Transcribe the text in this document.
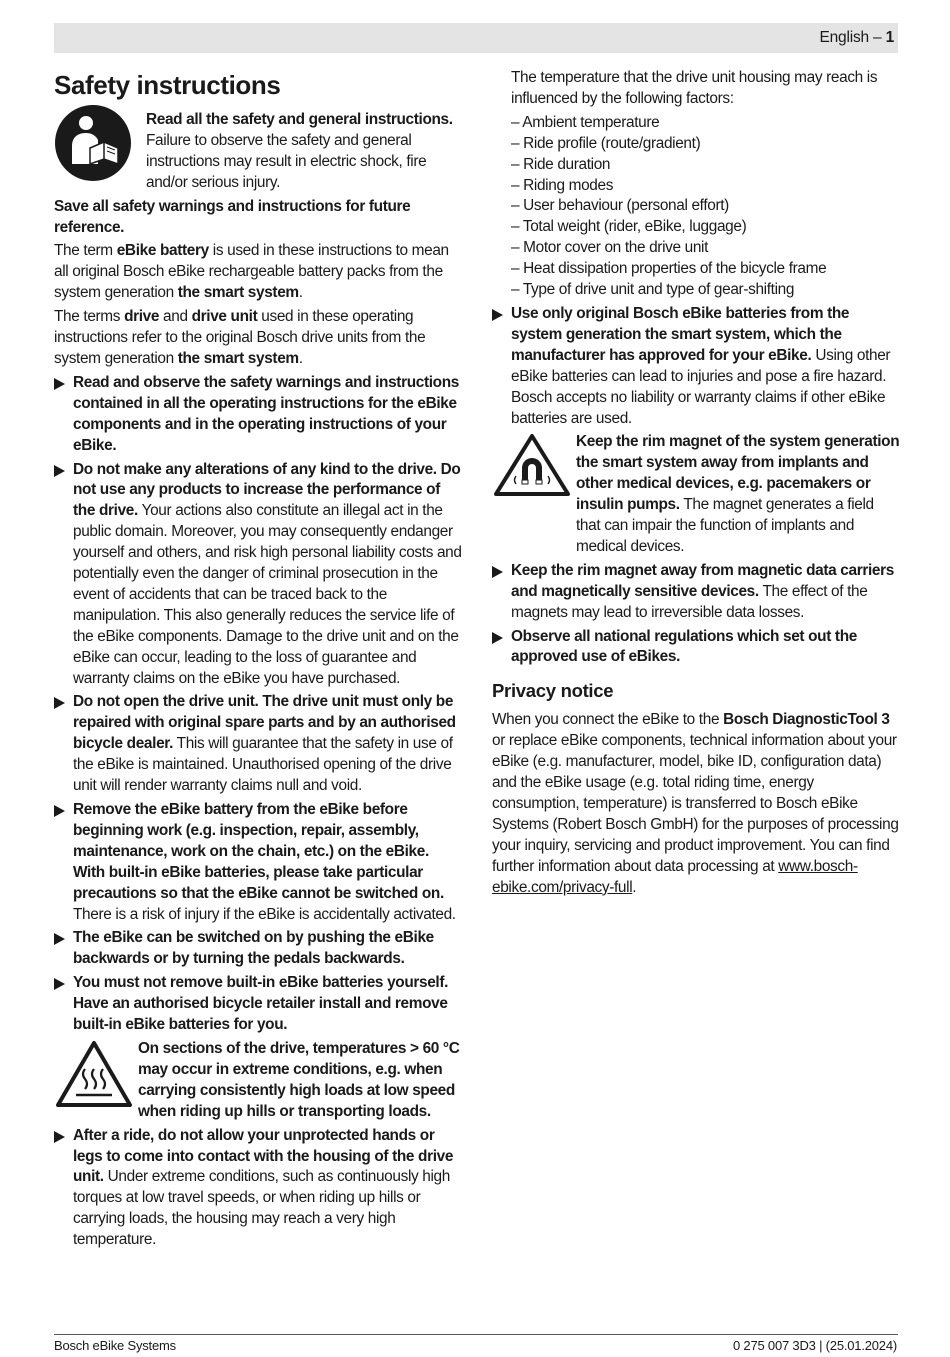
English – 1
Safety instructions

Read all the safety and general instructions. Failure to observe the safety and general instructions may result in electric shock, fire and/or serious injury.

Save all safety warnings and instructions for future reference.

The term eBike battery is used in these instructions to mean all original Bosch eBike rechargeable battery packs from the system generation the smart system.

The terms drive and drive unit used in these operating instructions refer to the original Bosch drive units from the system generation the smart system.

Read and observe the safety warnings and instructions contained in all the operating instructions for the eBike components and in the operating instructions of your eBike.

Do not make any alterations of any kind to the drive. Do not use any products to increase the performance of the drive. Your actions also constitute an illegal act in the public domain. Moreover, you may consequently endanger yourself and others, and risk high personal liability costs and potentially even the danger of criminal prosecution in the event of accidents that can be traced back to the manipulation. This also generally reduces the service life of the eBike components. Damage to the drive unit and on the eBike can occur, leading to the loss of guarantee and warranty claims on the eBike you have purchased.

Do not open the drive unit. The drive unit must only be repaired with original spare parts and by an authorised bicycle dealer. This will guarantee that the safety in use of the eBike is maintained. Unauthorised opening of the drive unit will render warranty claims null and void.

Remove the eBike battery from the eBike before beginning work (e.g. inspection, repair, assembly, maintenance, work on the chain, etc.) on the eBike. With built-in eBike batteries, please take particular precautions so that the eBike cannot be switched on. There is a risk of injury if the eBike is accidentally activated.

The eBike can be switched on by pushing the eBike backwards or by turning the pedals backwards.

You must not remove built-in eBike batteries yourself. Have an authorised bicycle retailer install and remove built-in eBike batteries for you.

On sections of the drive, temperatures > 60 °C may occur in extreme conditions, e.g. when carrying consistently high loads at low speed when riding up hills or transporting loads.

After a ride, do not allow your unprotected hands or legs to come into contact with the housing of the drive unit. Under extreme conditions, such as continuously high torques at low travel speeds, or when riding up hills or carrying loads, the housing may reach a very high temperature.

The temperature that the drive unit housing may reach is influenced by the following factors:

– Ambient temperature
– Ride profile (route/gradient)
– Ride duration
– Riding modes
– User behaviour (personal effort)
– Total weight (rider, eBike, luggage)
– Motor cover on the drive unit
– Heat dissipation properties of the bicycle frame
– Type of drive unit and type of gear-shifting

Use only original Bosch eBike batteries from the system generation the smart system, which the manufacturer has approved for your eBike. Using other eBike batteries can lead to injuries and pose a fire hazard. Bosch accepts no liability or warranty claims if other eBike batteries are used.

Keep the rim magnet of the system generation the smart system away from implants and other medical devices, e.g. pacemakers or insulin pumps. The magnet generates a field that can impair the function of implants and medical devices.

Keep the rim magnet away from magnetic data carriers and magnetically sensitive devices. The effect of the magnets may lead to irreversible data losses.

Observe all national regulations which set out the approved use of eBikes.

Privacy notice

When you connect the eBike to the Bosch DiagnosticTool 3 or replace eBike components, technical information about your eBike (e.g. manufacturer, model, bike ID, configuration data) and the eBike usage (e.g. total riding time, energy consumption, temperature) is transferred to Bosch eBike Systems (Robert Bosch GmbH) for the purposes of processing your inquiry, servicing and product improvement. You can find further information about data processing at www.bosch-ebike.com/privacy-full.

Bosch eBike Systems	0 275 007 3D3 | (25.01.2024)
